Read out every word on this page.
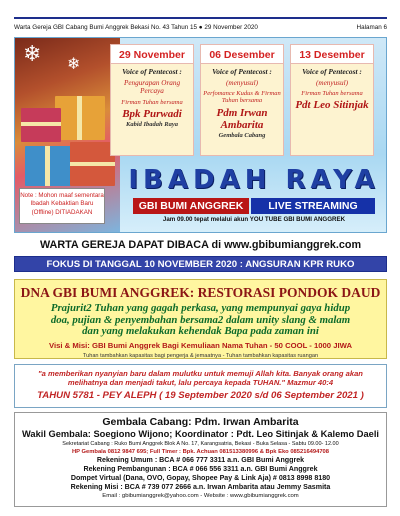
Warta Gereja GBI Cabang Bumi Anggrek Bekasi No. 43 Tahun 15 ● 29 November 2020	Halaman 6
❄ ❄	29 November
Voice of Pentecost :
Pengurapan Orang Percaya
Firman Tuhan bersama
Bpk Purwadi
Kabid Ibadah Raya
06 Desember
Voice of Pentecost :
(menyusul)
Perfomance Kudus & Firman Tuhan bersama
Pdm Irwan Ambarita
Gembala Cabang
13 Desember
Voice of Pentecost :
(menyusul)
Firman Tuhan bersama
Pdt Leo Sitinjak
Note : Mohon maaf sementara Ibadah Kebaktian Baru (Offline) DITIADAKAN
IBADAH RAYA
GBI BUMI ANGGREK	LIVE STREAMING
Jam 09.00 tepat melalui akun YOU TUBE GBI BUMI ANGGREK
WARTA GEREJA DAPAT DIBACA di www.gbibumianggrek.com
FOKUS DI TANGGAL 10 NOVEMBER 2020 : ANGSURAN KPR RUKO
DNA GBI BUMI ANGGREK: RESTORASI PONDOK DAUD
Prajurit2 Tuhan yang gagah perkasa, yang mempunyai gaya hidup
doa, pujian & penyembahan bersama2 dalam unity slang & malam
dan yang melakukan kehendak Bapa pada zaman ini
Visi & Misi: GBI Bumi Anggrek Bagi Kemuliaan Nama Tuhan - 50 COOL - 1000 JIWA
Tuhan tambahkan kapasitas bagi pengerja & jemaatnya - Tuhan tambahkan kapasitas ruangan
"a memberikan nyanyian baru dalam mulutku untuk memuji Allah kita. Banyak orang akan melihatnya dan menjadi takut, lalu percaya kepada TUHAN." Mazmur 40:4
TAHUN 5781 - PEY ALEPH ( 19 September 2020 s/d 06 September 2021 )
Gembala Cabang: Pdm. Irwan Ambarita
Wakil Gembala: Soegiono Wijono; Koordinator : Pdt. Leo Sitinjak & Kalemo Daeli
Sekretariat Cabang : Ruko Bumi Anggrek Blok A No. 17, Karangsatria, Bekasi - Buka Selasa - Sabtu 09.00- 12.00
HP Gembala 0812 9847 695; Full Timer : Bpk. Achuan 081513380996 & Bpk Eko 085216494708
Rekening Umum : BCA # 066 777 3311 a.n. GBI Bumi Anggrek
Rekening Pembangunan : BCA # 066 556 3311 a.n. GBI Bumi Anggrek
Dompet Virtual (Dana, OVO, Gopay, Shopee Pay & Link Aja) # 0813 8998 8180
Rekening Misi : BCA # 739 077 2666 a.n. Irwan Ambarita atau Jemmy Sasmita
Email : gbibumianggrek@yahoo.com - Website : www.gbibumianggrek.com
